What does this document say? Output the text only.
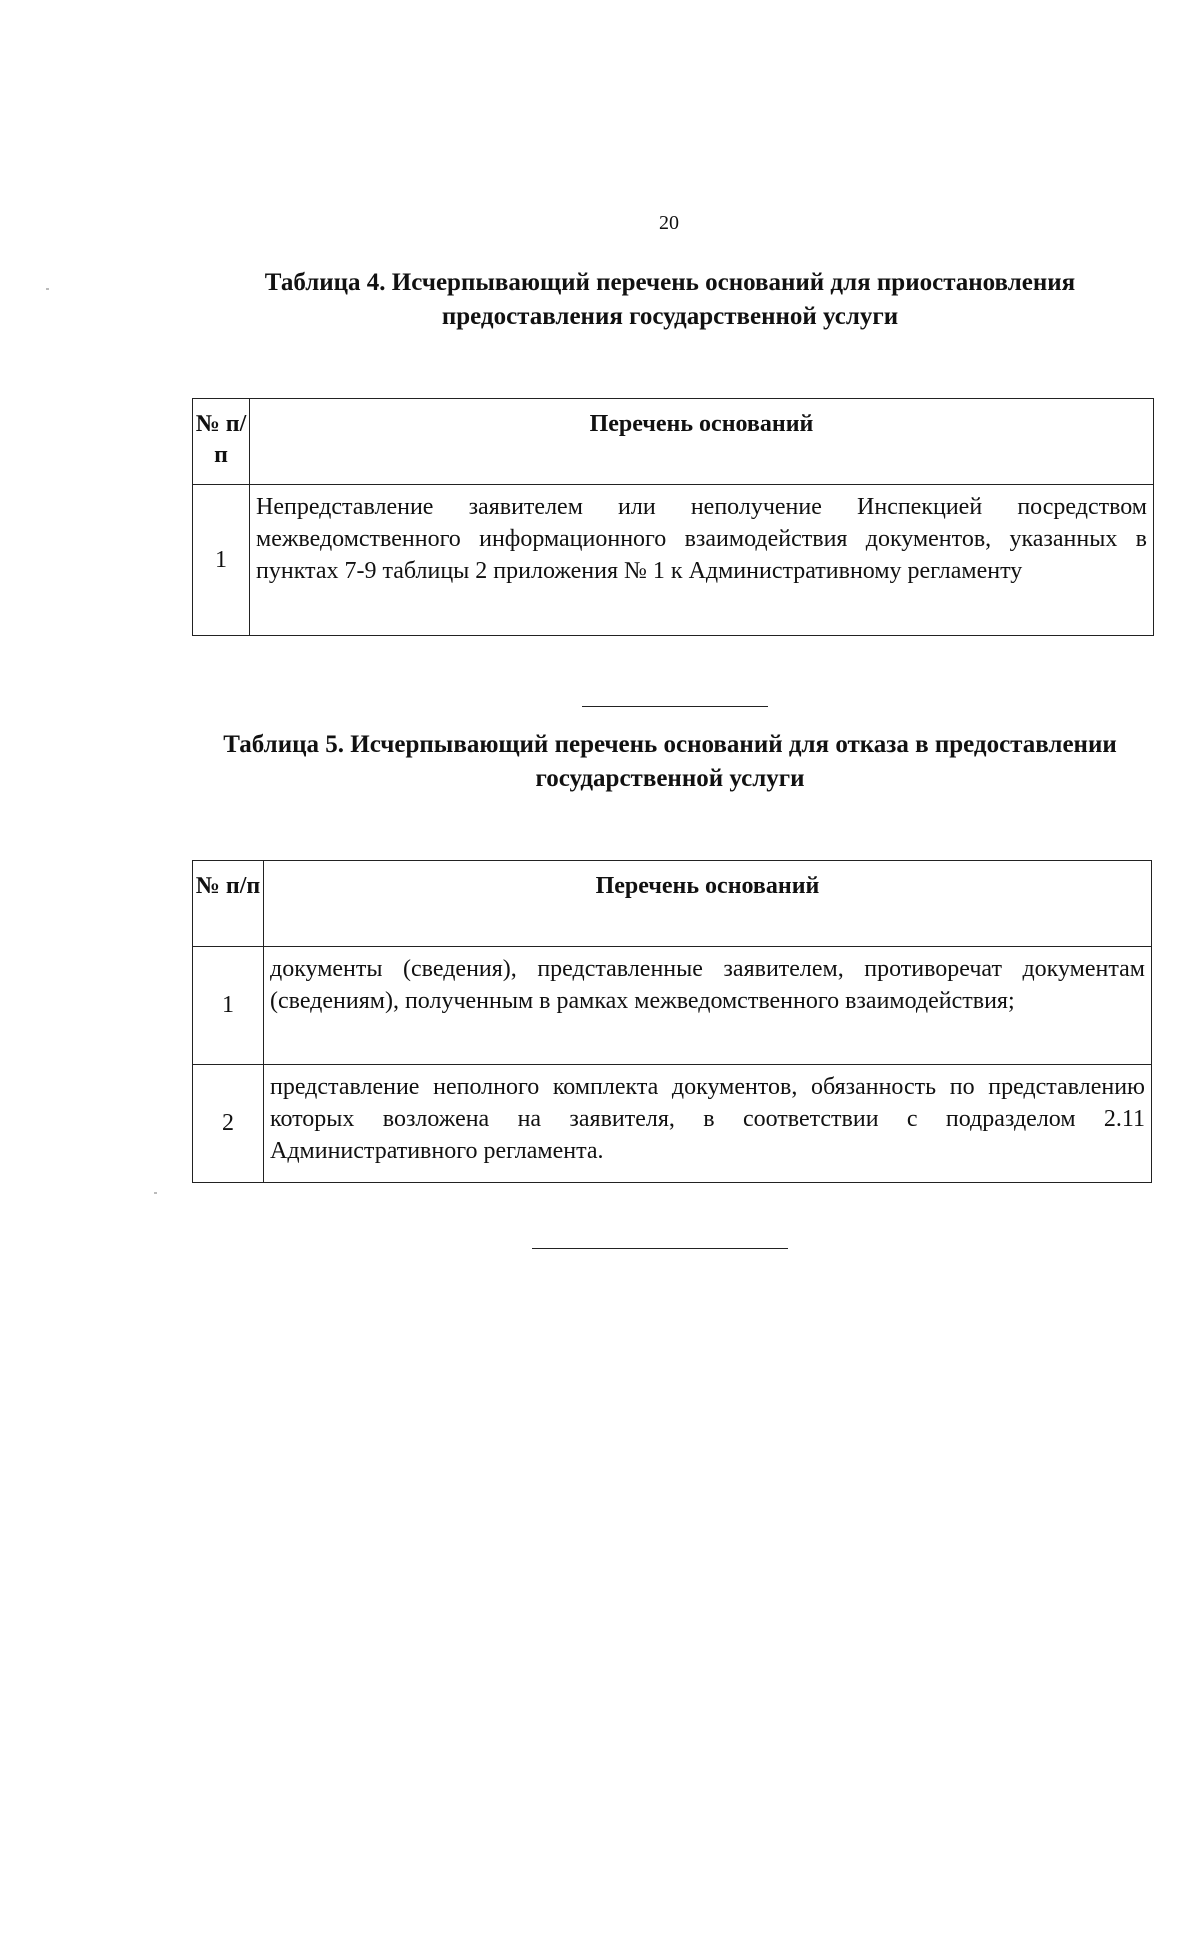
20
Таблица 4. Исчерпывающий перечень оснований для приостановления предоставления государственной услуги
№ п/п	Перечень оснований
1	Непредставление заявителем или неполучение Инспекцией посредством межведомственного информационного взаимодействия документов, указанных в пунктах 7-9 таблицы 2 приложения № 1 к Административному регламенту
Таблица 5. Исчерпывающий перечень оснований для отказа в предоставлении государственной услуги
№ п/п	Перечень оснований
1	документы (сведения), представленные заявителем, противоречат документам (сведениям), полученным в рамках межведомственного взаимодействия;
2	представление неполного комплекта документов, обязанность по представлению которых возложена на заявителя, в соответствии с подразделом 2.11 Административного регламента.
